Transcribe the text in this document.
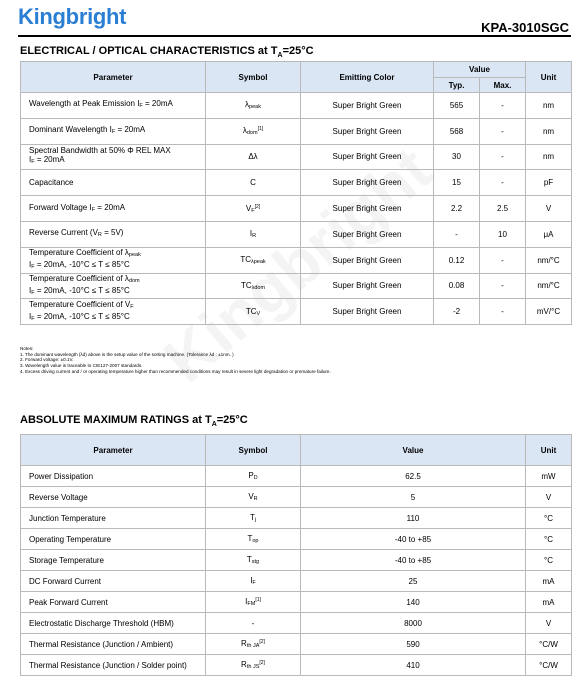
Kingbright	KPA-3010SGC
ELECTRICAL / OPTICAL CHARACTERISTICS at $T_A=25^\circ C$
Parameter	Symbol	Emitting Color	Value		Unit
			Typ.	Max.	

Wavelength at Peak Emission IF = 20mA	λpeak	Super Bright Green	565	-	nm

Dominant Wavelength IF = 20mA	λdom[1]	Super Bright Green	568	-	nm

Spectral Bandwidth at 50% Φ REL MAX
IF = 20mA	Δλ	Super Bright Green	30	-	nm

Capacitance	C	Super Bright Green	15	-	pF

Forward Voltage IF = 20mA	VF[2]	Super Bright Green	2.2	2.5	V

Reverse Current (VR = 5V)	IR	Super Bright Green	-	10	μA

Temperature Coefficient of λpeak
IF = 20mA, -10°C ≤ T ≤ 85°C	TCλpeak	Super Bright Green	0.12	-	nm/°C

Temperature Coefficient of λdom
IF = 20mA, -10°C ≤ T ≤ 85°C	TCλdom	Super Bright Green	0.08	-	nm/°C

Temperature Coefficient of VF
IF = 20mA, -10°C ≤ T ≤ 85°C	TCV	Super Bright Green	-2	-	mV/°C
Notes:
1. The dominant wavelength (λd) above is the setup value of the sorting machine. (Tolerance λd : ±1nm. )
2. Forward voltage: ±0.1V.
3. Wavelength value is traceable to CIE127-2007 standards.
4. Excess driving current and / or operating temperature higher than recommended conditions may result in severe light degradation or premature failure.
ABSOLUTE MAXIMUM RATINGS at $T_A=25^\circ C$
Parameter	Symbol	Value	Unit
Power Dissipation	PD	62.5	mW
Reverse Voltage	VR	5	V
Junction Temperature	Tj	110	°C
Operating Temperature	Top	-40 to +85	°C
Storage Temperature	Tstg	-40 to +85	°C
DC Forward Current	IF	25	mA
Peak Forward Current	IFM[1]	140	mA
Electrostatic Discharge Threshold (HBM)	-	8000	V
Thermal Resistance (Junction / Ambient)	Rth JA[2]	590	°C/W
Thermal Resistance (Junction / Solder point)	Rth JS[2]	410	°C/W
